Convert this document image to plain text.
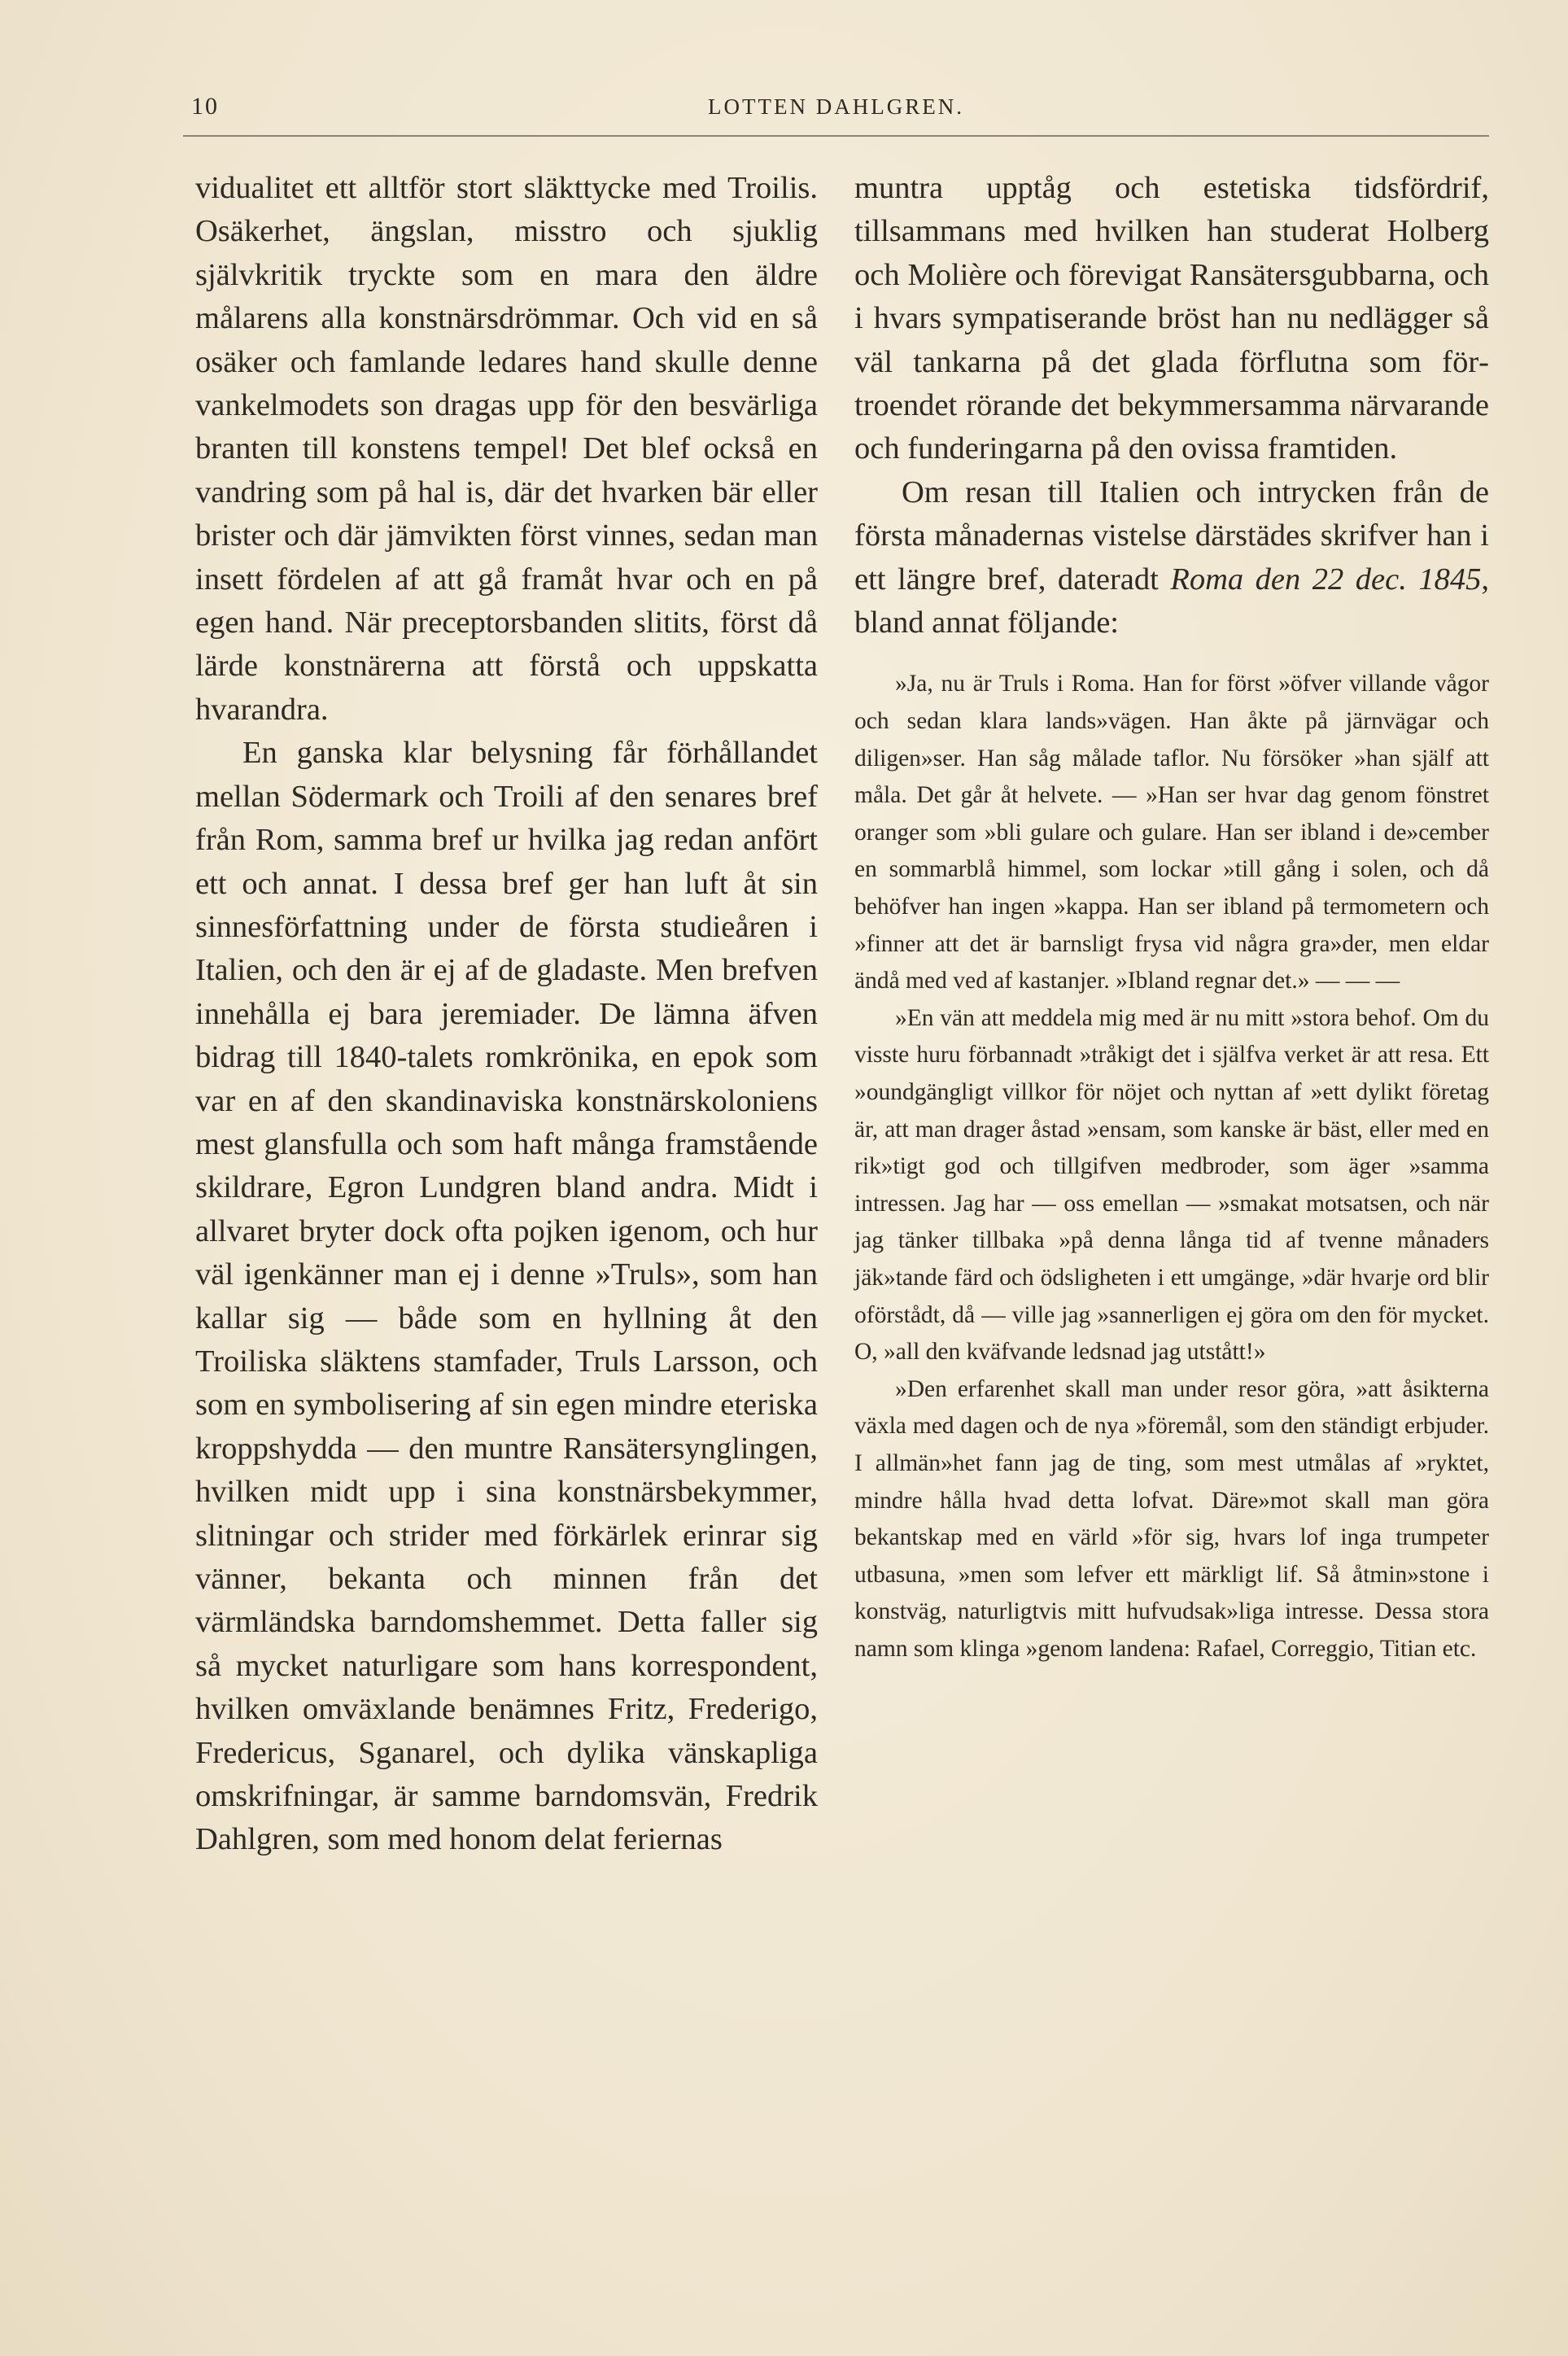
10	LOTTEN DAHLGREN.

vidualitet ett alltför stort släkttycke med Troilis. Osäkerhet, ängslan, misstro och sjuklig självkritik tryckte som en mara den äldre målarens alla konstnärsdrömmar. Och vid en så osäker och famlande ledares hand skulle denne vankelmodets son dragas upp för den besvärliga branten till konstens tempel! Det blef också en vandring som på hal is, där det hvarken bär eller brister och där jämvikten först vinnes, sedan man insett fördelen af att gå framåt hvar och en på egen hand. När preceptorsbanden slitits, först då lärde konstnärerna att förstå och uppskatta hvarandra.

En ganska klar belysning får förhållandet mellan Södermark och Troili af den senares bref från Rom, samma bref ur hvilka jag redan anfört ett och annat. I dessa bref ger han luft åt sin sinnesförfattning under de första studieåren i Italien, och den är ej af de gladaste. Men brefven innehålla ej bara jeremiader. De lämna äfven bidrag till 1840-talets romkrönika, en epok som var en af den skandinaviska konstnärskoloniens mest glansfulla och som haft många framstående skildrare, Egron Lundgren bland andra. Midt i allvaret bryter dock ofta pojken igenom, och hur väl igenkänner man ej i denne »Truls», som han kallar sig — både som en hyllning åt den Troiliska släktens stamfader, Truls Larsson, och som en symbolisering af sin egen mindre eteriska kroppshydda — den muntre Ransätersynglingen, hvilken midt upp i sina konstnärsbekymmer, slitningar och strider med förkärlek erinrar sig vänner, bekanta och minnen från det värmländska barndomshemmet. Detta faller sig så mycket naturligare som hans korrespondent, hvilken omväxlande benämnes Fritz, Frederigo, Fredericus, Sganarel, och dylika vänskapliga omskrifningar, är samme barndomsvän, Fredrik Dahlgren, som med honom delat feriernas

muntra upptåg och estetiska tidsfördrif, tillsammans med hvilken han studerat Holberg och Molière och förevigat Ransätersgubbarna, och i hvars sympatiserande bröst han nu nedlägger så väl tankarna på det glada förflutna som förtroendet rörande det bekymmersamma närvarande och funderingarna på den ovissa framtiden.

Om resan till Italien och intrycken från de första månadernas vistelse därstädes skrifver han i ett längre bref, dateradt Roma den 22 dec. 1845, bland annat följande:

»Ja, nu är Truls i Roma. Han for först »öfver villande vågor och sedan klara lands»vägen. Han åkte på järnvägar och diligen»ser. Han såg målade taflor. Nu försöker »han själf att måla. Det går åt helvete. — »Han ser hvar dag genom fönstret oranger som »bli gulare och gulare. Han ser ibland i de»cember en sommarblå himmel, som lockar »till gång i solen, och då behöfver han ingen »kappa. Han ser ibland på termometern och »finner att det är barnsligt frysa vid några gra»der, men eldar ändå med ved af kastanjer. »Ibland regnar det.» — — —

»En vän att meddela mig med är nu mitt »stora behof. Om du visste huru förbannadt »tråkigt det i själfva verket är att resa. Ett »oundgängligt villkor för nöjet och nyttan af »ett dylikt företag är, att man drager åstad »ensam, som kanske är bäst, eller med en rik»tigt god och tillgifven medbroder, som äger »samma intressen. Jag har — oss emellan — »smakat motsatsen, och när jag tänker tillbaka »på denna långa tid af tvenne månaders jäk»tande färd och ödsligheten i ett umgänge, »där hvarje ord blir oförstådt, då — ville jag »sannerligen ej göra om den för mycket. O, »all den kväfvande ledsnad jag utstått!»

»Den erfarenhet skall man under resor göra, »att åsikterna växla med dagen och de nya »föremål, som den ständigt erbjuder. I allmän»het fann jag de ting, som mest utmålas af »ryktet, mindre hålla hvad detta lofvat. Däre»mot skall man göra bekantskap med en värld »för sig, hvars lof inga trumpeter utbasuna, »men som lefver ett märkligt lif. Så åtmin»stone i konstväg, naturligtvis mitt hufvudsak»liga intresse. Dessa stora namn som klinga »genom landena: Rafael, Correggio, Titian etc.
